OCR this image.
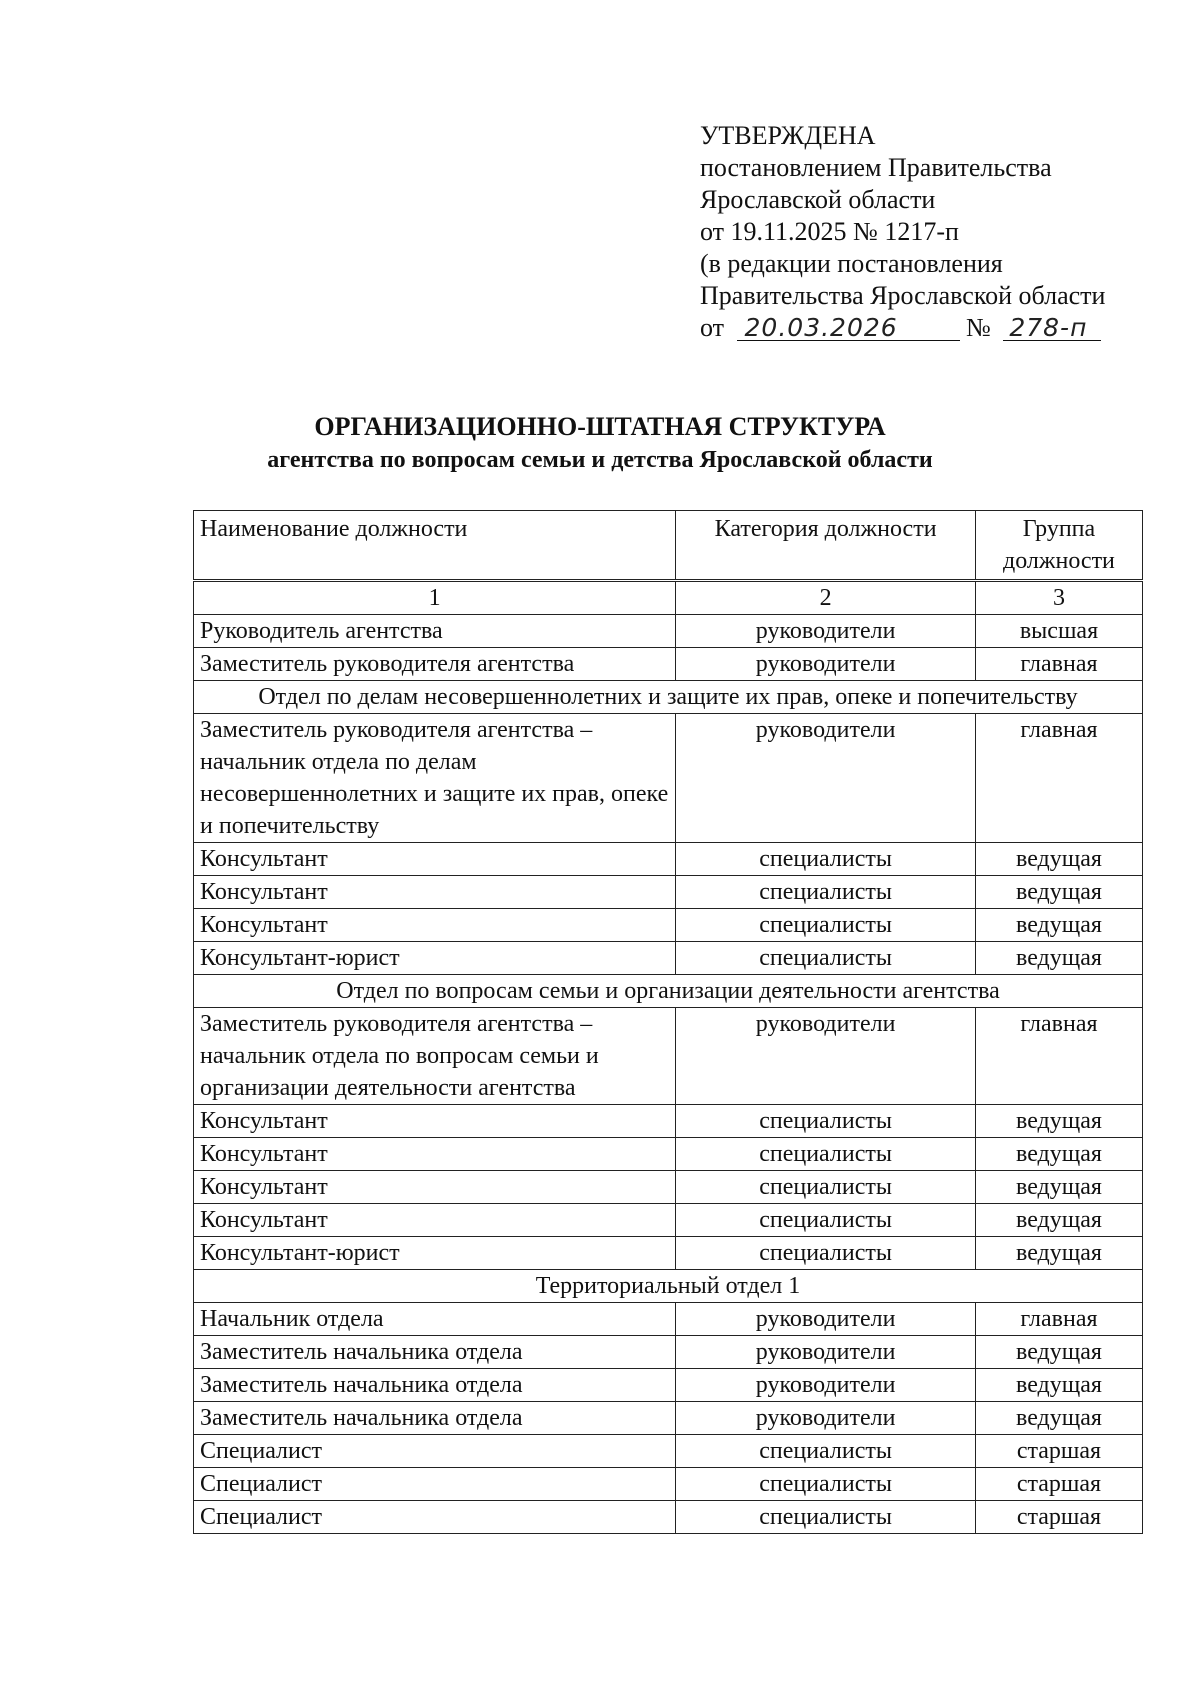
УТВЕРЖДЕНА
постановлением Правительства
Ярославской области
от 19.11.2025 № 1217-п
(в редакции постановления
Правительства Ярославской области
от 20.03.2026	№ 278-п
ОРГАНИЗАЦИОННО-ШТАТНАЯ СТРУКТУРА
агентства по вопросам семьи и детства Ярославской области
Наименование должности	Категория должности	Группа должности
1	2	3
Руководитель агентства	руководители	высшая
Заместитель руководителя агентства	руководители	главная
Отдел по делам несовершеннолетних и защите их прав, опеке и попечительству		
Заместитель руководителя агентства – начальник отдела по делам несовершеннолетних и защите их прав, опеке и попечительству	руководители	главная
Консультант	специалисты	ведущая
Консультант	специалисты	ведущая
Консультант	специалисты	ведущая
Консультант-юрист	специалисты	ведущая
Отдел по вопросам семьи и организации деятельности агентства		
Заместитель руководителя агентства – начальник отдела по вопросам семьи и организации деятельности агентства	руководители	главная
Консультант	специалисты	ведущая
Консультант	специалисты	ведущая
Консультант	специалисты	ведущая
Консультант	специалисты	ведущая
Консультант-юрист	специалисты	ведущая
Территориальный отдел 1		
Начальник отдела	руководители	главная
Заместитель начальника отдела	руководители	ведущая
Заместитель начальника отдела	руководители	ведущая
Заместитель начальника отдела	руководители	ведущая
Специалист	специалисты	старшая
Специалист	специалисты	старшая
Специалист	специалисты	старшая
